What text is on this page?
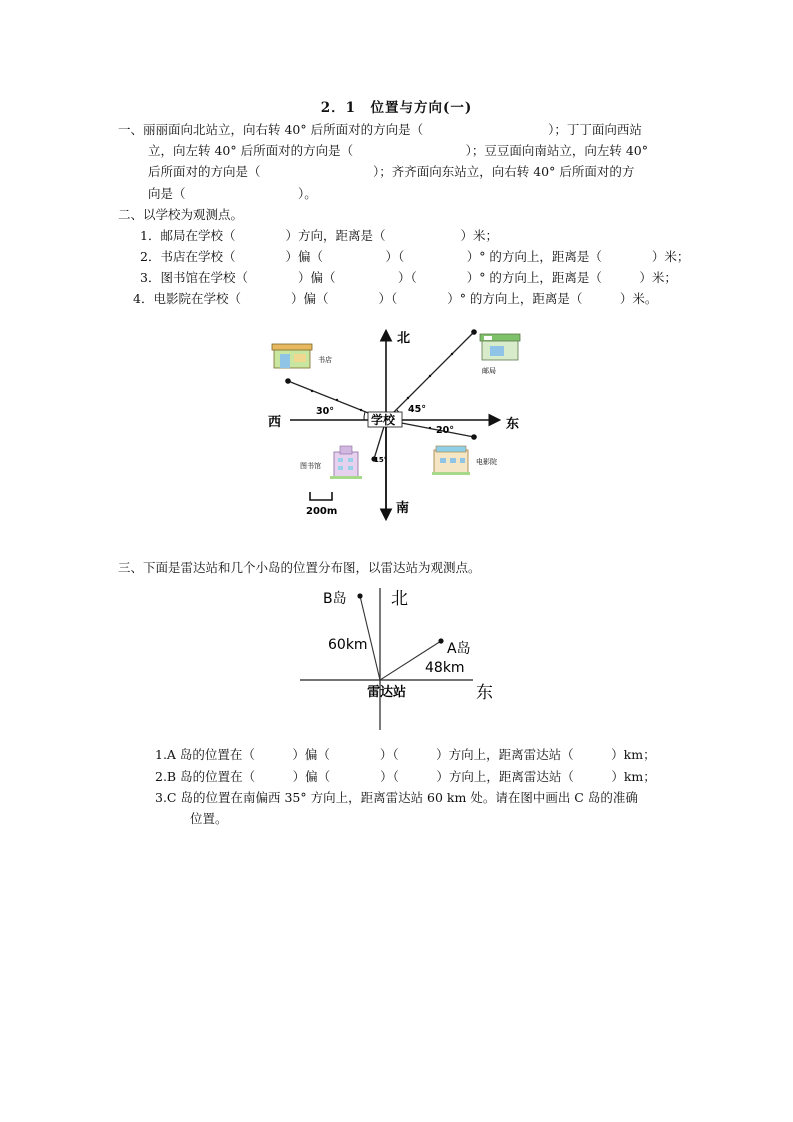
2．1　位置与方向(一)
一、丽丽面向北站立，向右转 40° 后所面对的方向是（　　　　　　　　　　）；丁丁面向西站
立，向左转 40° 后所面对的方向是（　　　　　　　　　）；豆豆面向南站立，向左转 40°
后所面对的方向是（　　　　　　　　　）；齐齐面向东站立，向右转 40° 后所面对的方
向是（　　　　　　　　　）。
二、以学校为观测点。
1．邮局在学校（　　　　）方向，距离是（　　　　　　）米；
2．书店在学校（　　　　）偏（　　　　　）（　　　　　）° 的方向上，距离是（　　　　）米；
3．图书馆在学校（　　　　）偏（　　　　　）（　　　　）° 的方向上，距离是（　　　）米；
4．电影院在学校（　　　　）偏（　　　　）（　　　　）° 的方向上，距离是（　　　）米。
北
南
东
西	学校
30°	45°
20°
15°
书店
邮局
图书馆	电影院
200m
三、下面是雷达站和几个小岛的位置分布图，以雷达站为观测点。
北
东
B岛
A岛
60km
48km
雷达站
1.A 岛的位置在（　　　）偏（　　　　）（　　　）方向上，距离雷达站（　　　）km；
2.B 岛的位置在（　　　）偏（　　　　）（　　　）方向上，距离雷达站（　　　）km；
3.C 岛的位置在南偏西 35° 方向上，距离雷达站 60 km 处。请在图中画出 C 岛的准确
位置。
